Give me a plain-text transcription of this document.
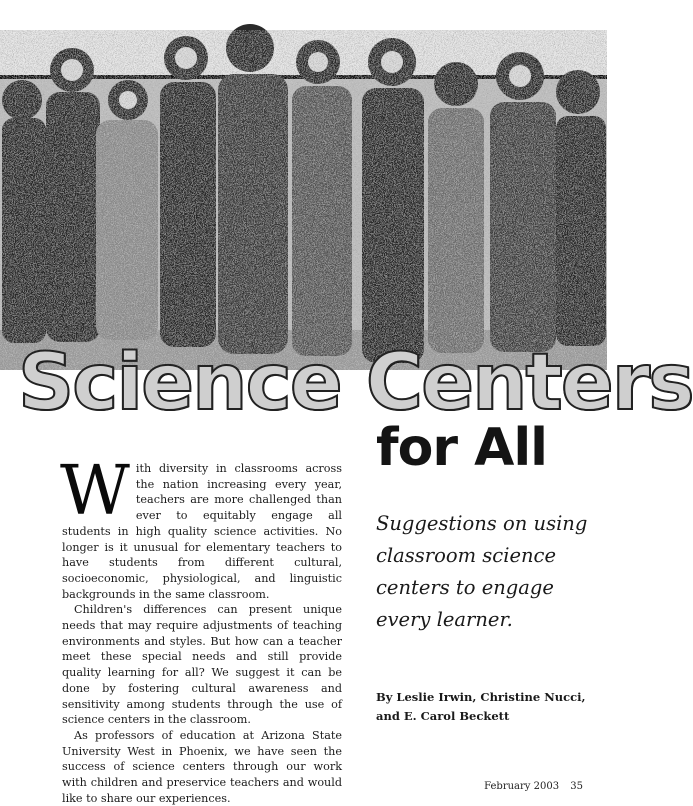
Science Centers
for All

With diversity in classrooms across the nation increasing every year, teachers are more challenged than ever to equitably engage all students in high quality science activities. No longer is it unusual for elementary teachers to have students from different cultural, socioeconomic, physiological, and linguistic backgrounds in the same classroom.

Children's differences can present unique needs that may require adjustments of teaching environments and styles. But how can a teacher meet these special needs and still provide quality learning for all? We suggest it can be done by fostering cultural awareness and sensitivity among students through the use of science centers in the classroom.

As professors of education at Arizona State University West in Phoenix, we have seen the success of science centers through our work with children and preservice teachers and would like to share our experiences.

Suggestions on using classroom science centers to engage every learner.
By Leslie Irwin, Christine Nucci, and E. Carol Beckett
February 2003 35
